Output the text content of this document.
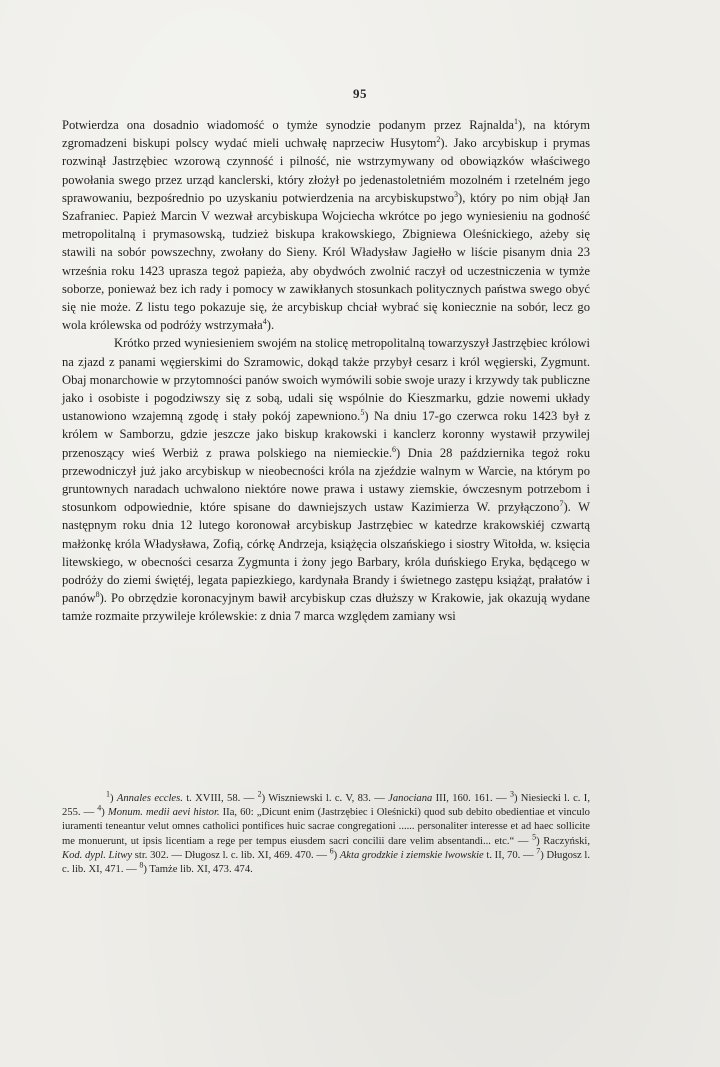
95

Potwierdza ona dosadnio wiadomość o tymże synodzie podanym przez Rajnalda$^1$), na którym zgromadzeni biskupi polscy wydać mieli uchwałę naprzeciw Husytom$^2$). Jako arcybiskup i prymas rozwinął Jastrzębiec wzorową czynność i pilność, nie wstrzymywany od obowiązków właściwego powołania swego przez urząd kanclerski, który złożył po jedenastoletniém mozolném i rzetelném jego sprawowaniu, bezpośrednio po uzyskaniu potwierdzenia na arcybiskupstwo$^3$), który po nim objął Jan Szafraniec. Papież Marcin V wezwał arcybiskupa Wojciecha wkrótce po jego wyniesieniu na godność metropolitalną i prymasowską, tudzież biskupa krakowskiego, Zbigniewa Oleśnickiego, ażeby się stawili na sobór powszechny, zwołany do Sieny. Król Władysław Jagiełło w liście pisanym dnia 23 września roku 1423 uprasza tegoż papieża, aby obydwóch zwolnić raczył od uczestniczenia w tymże soborze, ponieważ bez ich rady i pomocy w zawikłanych stosunkach politycznych państwa swego obyć się nie może. Z listu tego pokazuje się, że arcybiskup chciał wybrać się koniecznie na sobór, lecz go wola królewska od podróży wstrzymała$^4$).

Krótko przed wyniesieniem swojém na stolicę metropolitalną towarzyszył Jastrzębiec królowi na zjazd z panami węgierskimi do Szramowic, dokąd także przybył cesarz i król węgierski, Zygmunt. Obaj monarchowie w przytomności panów swoich wymówili sobie swoje urazy i krzywdy tak publiczne jako i osobiste i pogodziwszy się z sobą, udali się wspólnie do Kieszmarku, gdzie nowemi układy ustanowiono wzajemną zgodę i stały pokój zapewniono.$^5$) Na dniu 17-go czerwca roku 1423 był z królem w Samborzu, gdzie jeszcze jako biskup krakowski i kanclerz koronny wystawił przywilej przenoszący wieś Werbiż z prawa polskiego na niemieckie.$^6$) Dnia 28 października tegoż roku przewodniczył już jako arcybiskup w nieobecności króla na zjeździe walnym w Warcie, na którym po gruntownych naradach uchwalono niektóre nowe prawa i ustawy ziemskie, ówczesnym potrzebom i stosunkom odpowiednie, które spisane do dawniejszych ustaw Kazimierza W. przyłączono$^7$). W następnym roku dnia 12 lutego koronował arcybiskup Jastrzębiec w katedrze krakowskiéj czwartą małżonkę króla Władysława, Zofią, córkę Andrzeja, książęcia olszańskiego i siostry Witołda, w. księcia litewskiego, w obecności cesarza Zygmunta i żony jego Barbary, króla duńskiego Eryka, będącego w podróży do ziemi świętéj, legata papiezkiego, kardynała Brandy i świetnego zastępu książąt, prałatów i panów$^8$). Po obrzędzie koronacyjnym bawił arcybiskup czas dłuższy w Krakowie, jak okazują wydane tamże rozmaite przywileje królewskie: z dnia 7 marca względem zamiany wsi

$^1$) Annales eccles. t. XVIII, 58. — $^2$) Wiszniewski l. c. V, 83. — Janociana III, 160. 161. — $^3$) Niesiecki l. c. I, 255. — $^4$) Monum. medii aevi histor. IIa, 60: „Dicunt enim (Jastrzębiec i Oleśnicki) quod sub debito obedientiae et vinculo iuramenti teneantur velut omnes catholici pontifices huic sacrae congregationi ...... personaliter interesse et ad haec sollicite me monuerunt, ut ipsis licentiam a rege per tempus eiusdem sacri concilii dare velim absentandi... etc.“ — $^5$) Raczyński, Kod. dypl. Litwy str. 302. — Długosz l. c. lib. XI, 469. 470. — $^6$) Akta grodzkie i ziemskie lwowskie t. II, 70. — $^7$) Długosz l. c. lib. XI, 471. — $^8$) Tamże lib. XI, 473. 474.
